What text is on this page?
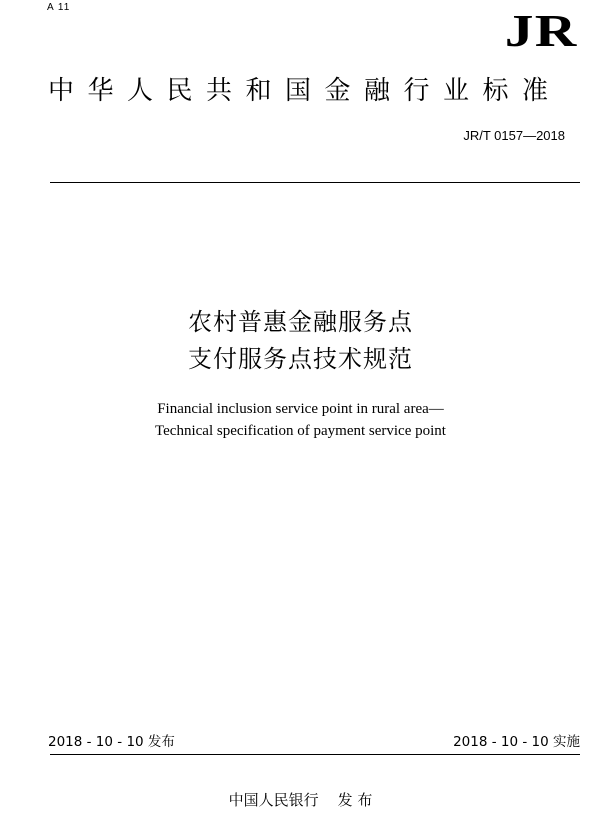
A 11	JR
中华人民共和国金融行业标准
JR/T 0157—2018
农村普惠金融服务点
支付服务点技术规范
Financial inclusion service point in rural area—
Technical specification of payment service point
2018 - 10 - 10 发布	2018 - 10 - 10 实施
中国人民银行    发 布
